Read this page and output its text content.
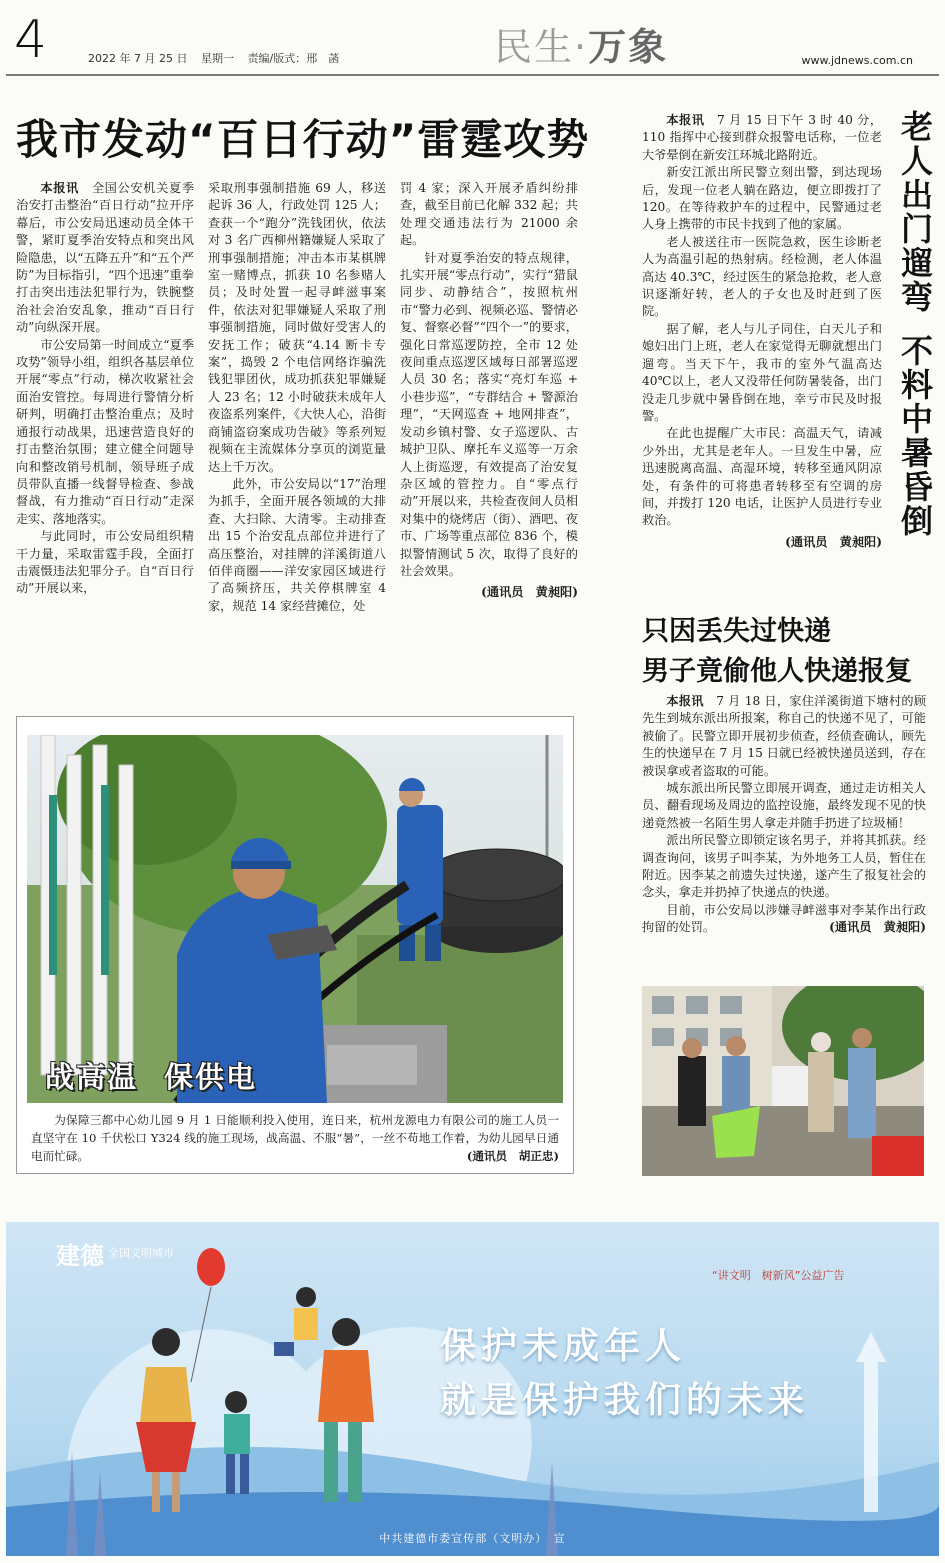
4	2022 年 7 月 25 日 星期一 责编/版式：邢　菡	民生·万象	www.jdnews.com.cn
我市发动“百日行动”雷霆攻势

本报讯　全国公安机关夏季治安打击整治“百日行动”拉开序幕后，市公安局迅速动员全体干警，紧盯夏季治安特点和突出风险隐患，以“五降五升”和“五个严防”为目标指引，“四个迅速”重拳打击突出违法犯罪行为，铁腕整治社会治安乱象，推动“百日行动”向纵深开展。

市公安局第一时间成立“夏季攻势”领导小组，组织各基层单位开展“零点”行动，梯次收紧社会面治安管控。每周进行警情分析研判，明确打击整治重点；及时通报行动战果，迅速营造良好的打击整治氛围；建立健全问题导向和整改销号机制，领导班子成员带队直播一线督导检查、参战督战，有力推动“百日行动”走深走实、落地落实。

与此同时，市公安局组织精干力量，采取雷霆手段，全面打击震慑违法犯罪分子。自“百日行动”开展以来，

采取刑事强制措施 69 人，移送起诉 36 人，行政处罚 125 人；查获一个“跑分”洗钱团伙，依法对 3 名广西柳州籍嫌疑人采取了刑事强制措施；冲击本市某棋牌室一赌博点，抓获 10 名参赌人员；及时处置一起寻衅滋事案件，依法对犯罪嫌疑人采取了刑事强制措施，同时做好受害人的安抚工作；破获“4.14 断卡专案”，捣毁 2 个电信网络诈骗洗钱犯罪团伙，成功抓获犯罪嫌疑人 23 名；12 小时破获未成年人夜盗系列案件，《大快人心，沿街商铺盗窃案成功告破》等系列短视频在主流媒体分享页的浏览量达上千万次。

此外，市公安局以“17”治理为抓手，全面开展各领域的大排查、大扫除、大清零。主动排查出 15 个治安乱点部位并进行了高压整治，对挂牌的洋溪街道八佰伴商圈——洋安家园区域进行了高频挤压，共关停棋牌室 4 家，规范 14 家经营摊位，处

罚 4 家；深入开展矛盾纠纷排查，截至目前已化解 332 起；共处理交通违法行为 21000 余起。

针对夏季治安的特点规律，扎实开展“零点行动”，实行“猎鼠同步、动静结合”，按照杭州市“警力必到、视频必巡、警情必复、督察必督”“四个一”的要求，强化日常巡逻防控，全市 12 处夜间重点巡逻区域每日部署巡逻人员 30 名；落实“亮灯车巡 + 小巷步巡”，“专群结合 + 警源治理”，“天网巡查 + 地网排查”，发动乡镇村警、女子巡逻队、古城护卫队、摩托车义巡等一万余人上街巡逻，有效提高了治安复杂区域的管控力。自“零点行动”开展以来，共检查夜间人员相对集中的烧烤店（街）、酒吧、夜市、广场等重点部位 836 个，模拟警情测试 5 次，取得了良好的社会效果。

(通讯员　黄昶阳)

本报讯　7 月 15 日下午 3 时 40 分，110 指挥中心接到群众报警电话称，一位老大爷晕倒在新安江环城北路附近。

新安江派出所民警立刻出警，到达现场后，发现一位老人躺在路边，便立即拨打了 120。在等待救护车的过程中，民警通过老人身上携带的市民卡找到了他的家属。

老人被送往市一医院急救，医生诊断老人为高温引起的热射病。经检测，老人体温高达 40.3℃，经过医生的紧急抢救，老人意识逐渐好转，老人的子女也及时赶到了医院。

据了解，老人与儿子同住，白天儿子和媳妇出门上班，老人在家觉得无聊就想出门遛弯。当天下午，我市的室外气温高达 40℃以上，老人又没带任何防暑装备，出门没走几步就中暑昏倒在地，幸亏市民及时报警。

在此也提醒广大市民：高温天气，请减少外出，尤其是老年人。一旦发生中暑，应迅速脱离高温、高湿环境，转移至通风阴凉处，有条件的可将患者转移至有空调的房间，并拨打 120 电话，让医护人员进行专业救治。

(通讯员　黄昶阳)
老人出门遛弯不料中暑昏倒
只因丢失过快递
男子竟偷他人快递报复

本报讯　7 月 18 日，家住洋溪街道下塘村的顾先生到城东派出所报案，称自己的快递不见了，可能被偷了。民警立即开展初步侦查，经侦查确认，顾先生的快递早在 7 月 15 日就已经被快递员送到，存在被误拿或者盗取的可能。

城东派出所民警立即展开调查，通过走访相关人员、翻看现场及周边的监控设施，最终发现不见的快递竟然被一名陌生男人拿走并随手扔进了垃圾桶！

派出所民警立即锁定该名男子，并将其抓获。经调查询问，该男子叫李某，为外地务工人员，暂住在附近。因李某之前遗失过快递，遂产生了报复社会的念头，拿走并扔掉了快递点的快递。

目前，市公安局以涉嫌寻衅滋事对李某作出行政拘留的处罚。	(通讯员　黄昶阳)

战高温 保供电

为保障三都中心幼儿园 9 月 1 日能顺利投入使用，连日来，杭州龙源电力有限公司的施工人员一直坚守在 10 千伏松口 Y324 线的施工现场，战高温、不服“暑”，一丝不苟地工作着，为幼儿园早日通电而忙碌。	(通讯员　胡正忠)

建德 全国文明城市
“讲文明　树新风”公益广告
保护未成年人
就是保护我们的未来
中共建德市委宣传部（文明办）　宣
